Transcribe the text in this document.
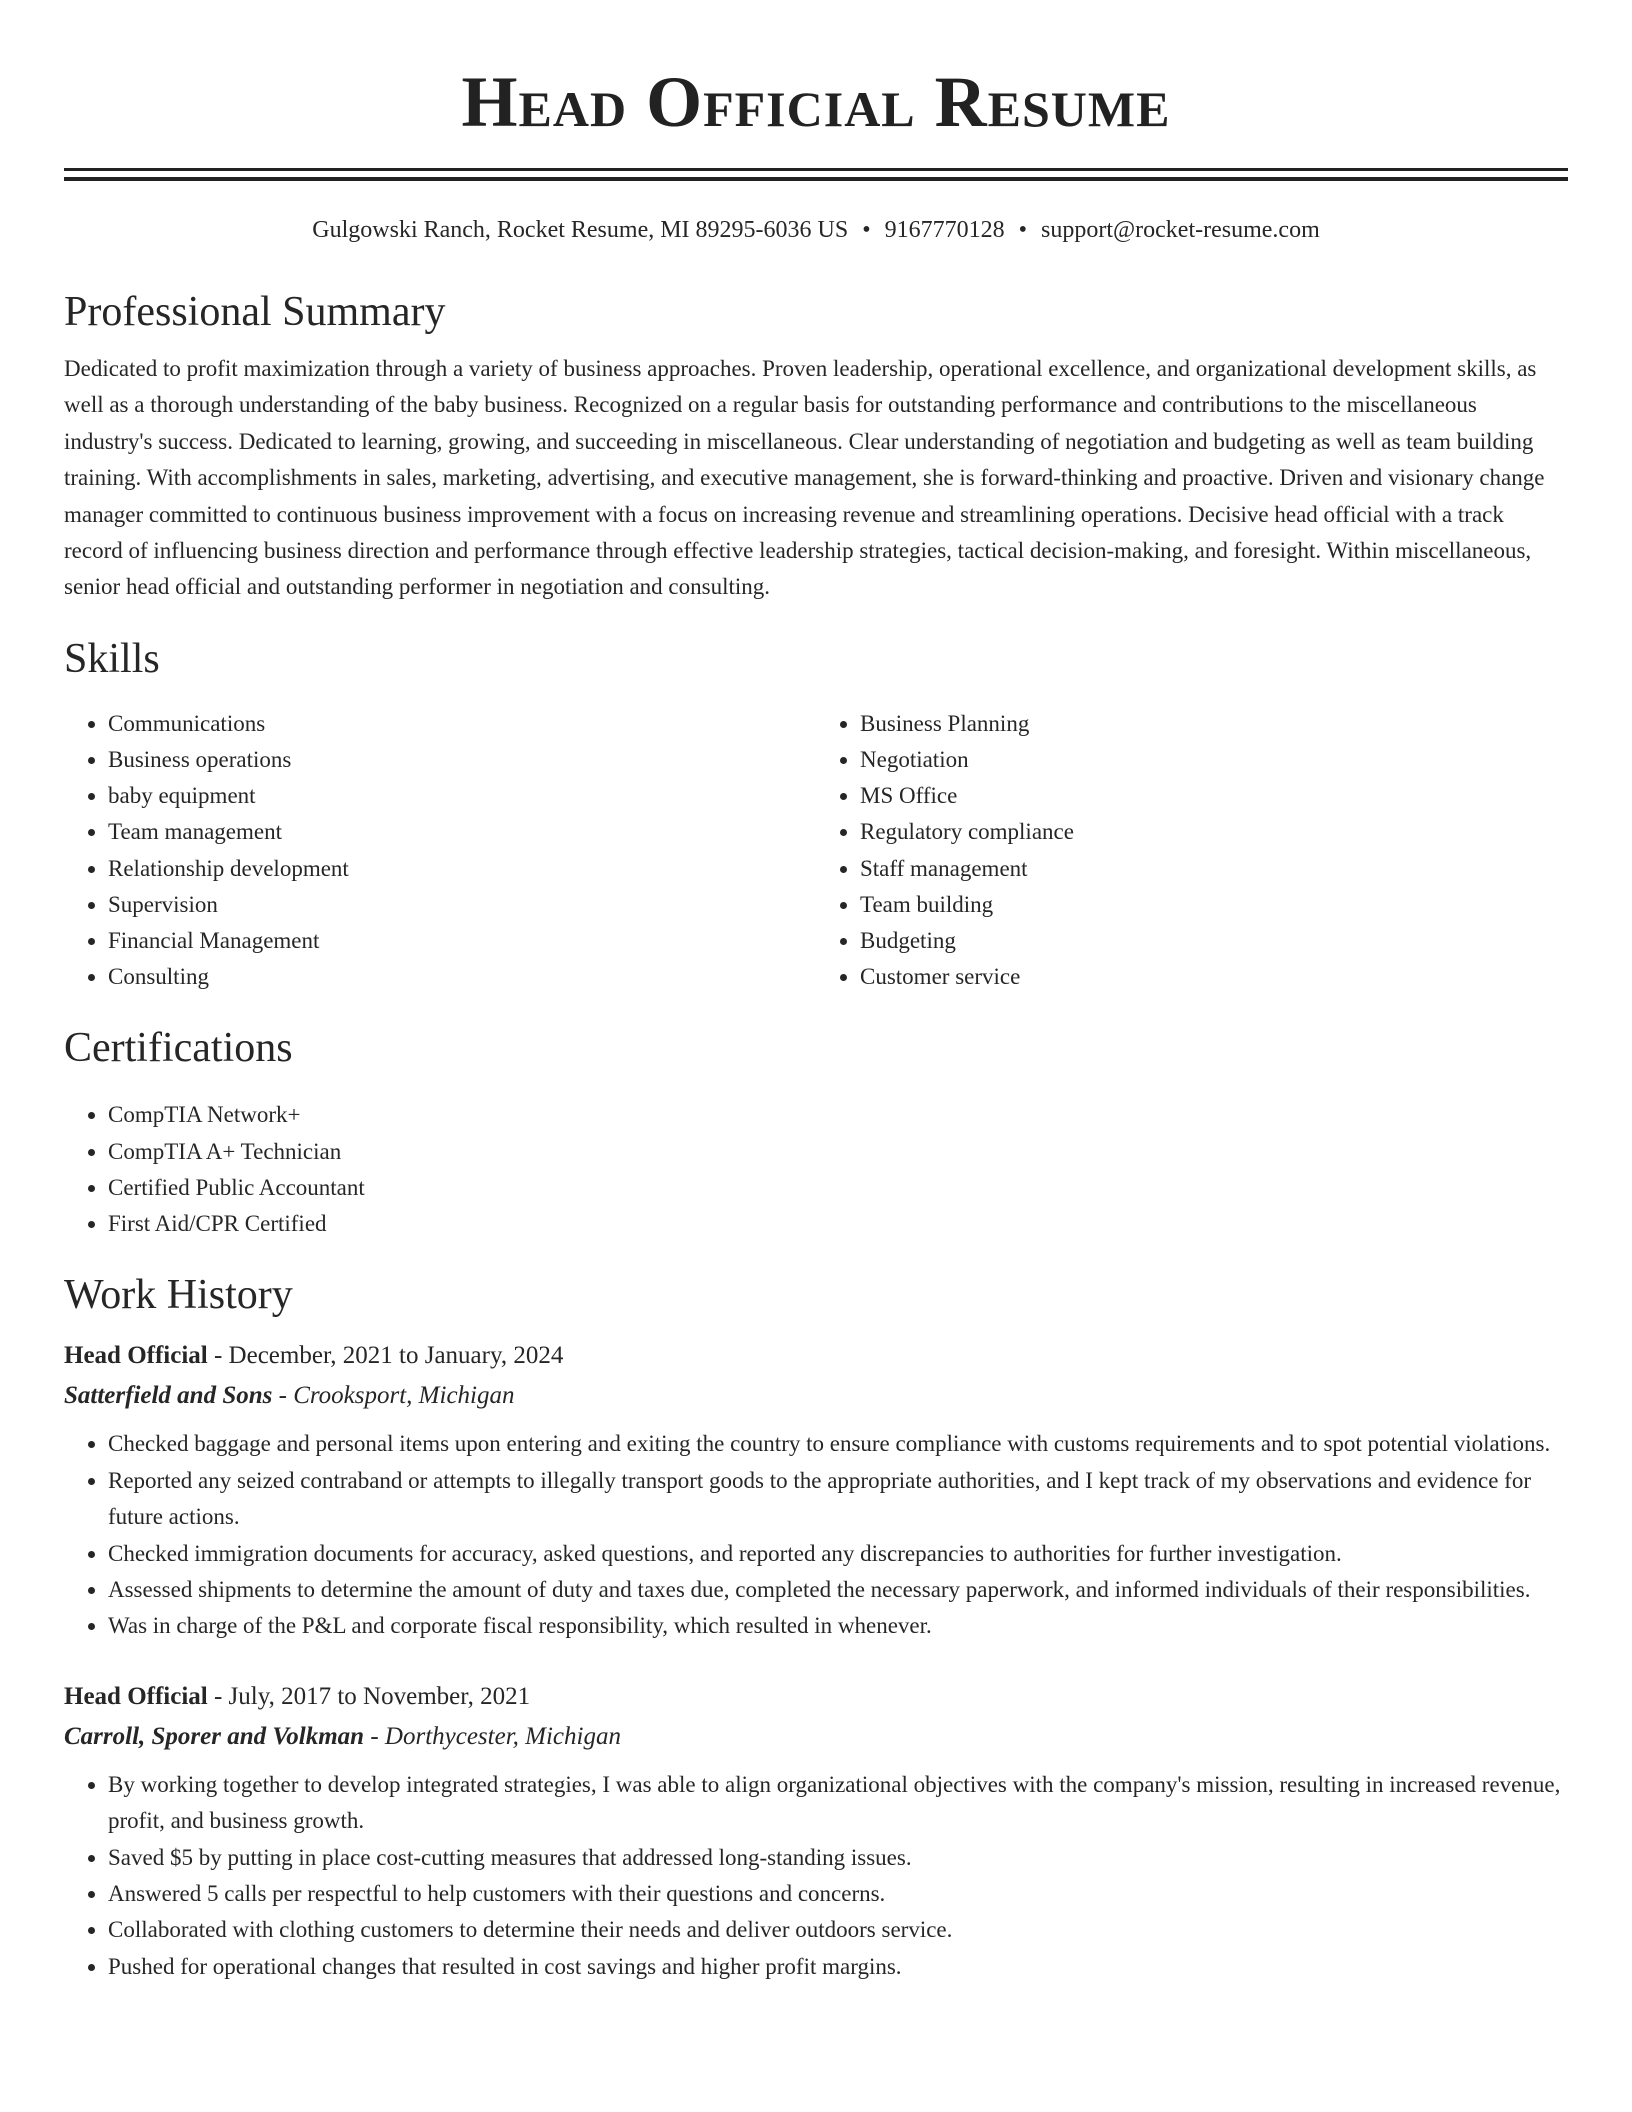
Head Official Resume
Gulgowski Ranch, Rocket Resume, MI 89295-6036 US • 9167770128 • support@rocket-resume.com
Professional Summary
Dedicated to profit maximization through a variety of business approaches. Proven leadership, operational excellence, and organizational development skills, as well as a thorough understanding of the baby business. Recognized on a regular basis for outstanding performance and contributions to the miscellaneous industry's success. Dedicated to learning, growing, and succeeding in miscellaneous. Clear understanding of negotiation and budgeting as well as team building training. With accomplishments in sales, marketing, advertising, and executive management, she is forward-thinking and proactive. Driven and visionary change manager committed to continuous business improvement with a focus on increasing revenue and streamlining operations. Decisive head official with a track record of influencing business direction and performance through effective leadership strategies, tactical decision-making, and foresight. Within miscellaneous, senior head official and outstanding performer in negotiation and consulting.
Skills
• Communications
• Business operations
• baby equipment
• Team management
• Relationship development
• Supervision
• Financial Management
• Consulting
• Business Planning
• Negotiation
• MS Office
• Regulatory compliance
• Staff management
• Team building
• Budgeting
• Customer service
Certifications
• CompTIA Network+
• CompTIA A+ Technician
• Certified Public Accountant
• First Aid/CPR Certified
Work History
Head Official - December, 2021 to January, 2024
Satterfield and Sons - Crooksport, Michigan
• Checked baggage and personal items upon entering and exiting the country to ensure compliance with customs requirements and to spot potential violations.
• Reported any seized contraband or attempts to illegally transport goods to the appropriate authorities, and I kept track of my observations and evidence for future actions.
• Checked immigration documents for accuracy, asked questions, and reported any discrepancies to authorities for further investigation.
• Assessed shipments to determine the amount of duty and taxes due, completed the necessary paperwork, and informed individuals of their responsibilities.
• Was in charge of the P&L and corporate fiscal responsibility, which resulted in whenever.
Head Official - July, 2017 to November, 2021
Carroll, Sporer and Volkman - Dorthycester, Michigan
• By working together to develop integrated strategies, I was able to align organizational objectives with the company's mission, resulting in increased revenue, profit, and business growth.
• Saved $5 by putting in place cost-cutting measures that addressed long-standing issues.
• Answered 5 calls per respectful to help customers with their questions and concerns.
• Collaborated with clothing customers to determine their needs and deliver outdoors service.
• Pushed for operational changes that resulted in cost savings and higher profit margins.
